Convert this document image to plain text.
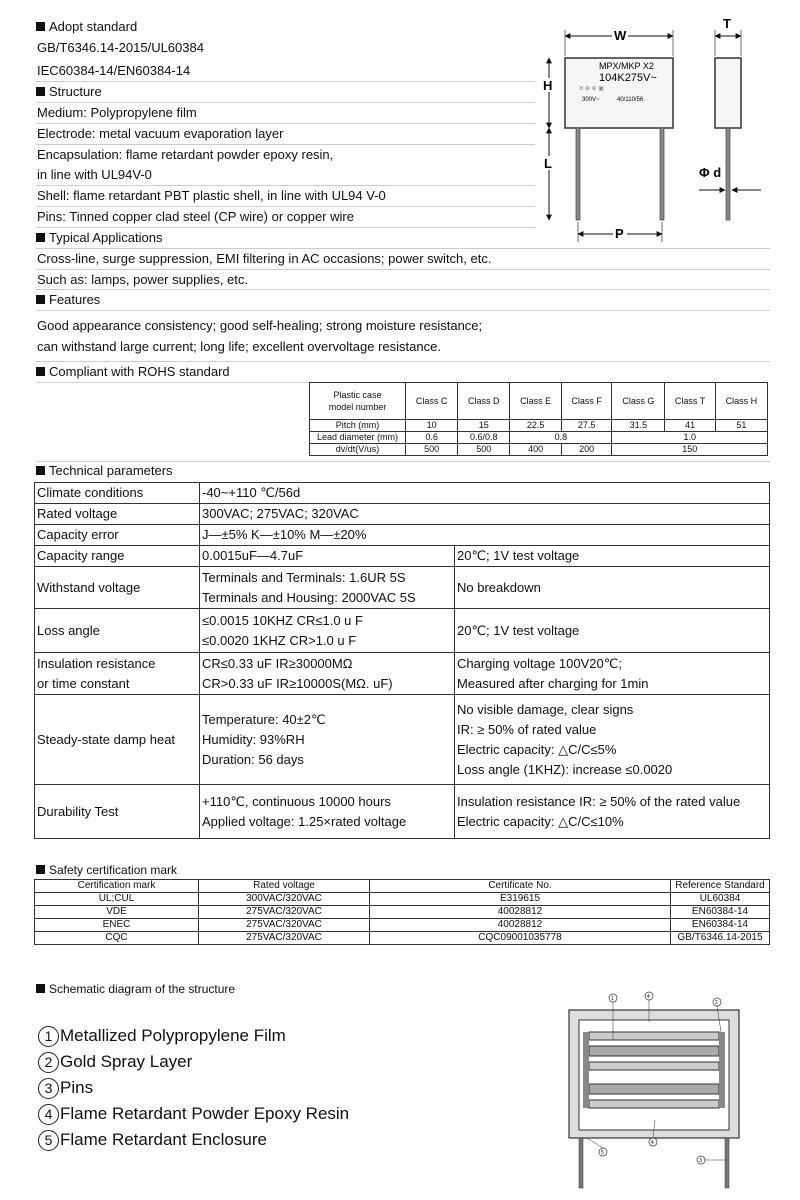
Adopt standard
GB/T6346.14-2015/UL60384
IEC60384-14/EN60384-14
Structure
Medium: Polypropylene film
Electrode: metal vacuum evaporation layer
Encapsulation: flame retardant powder epoxy resin,
in line with UL94V-0
Shell: flame retardant PBT plastic shell, in line with UL94 V-0
Pins: Tinned copper clad steel (CP wire) or copper wire
Typical Applications
Cross-line, surge suppression, EMI filtering in AC occasions; power switch, etc.
Such as: lamps, power supplies, etc.
Features
Good appearance consistency; good self-healing; strong moisture resistance;
can withstand large current; long life; excellent overvoltage resistance.
Compliant with ROHS standard
MPX/MKP X2
104K275V~
ꓤ ⊕ ⊕ ▣
300V~	40/110/56
W
T
H
L
P
Φ d
Plastic case
model number	Class C	Class D	Class E	Class F	Class G	Class T	Class H
Pitch (mm)	10	15	22.5	27.5	31.5	41	51
Lead diameter (mm)	0.6	0.6/0.8	0.8		1.0		
dv/dt(V/us)	500	500	400	200	150		
Technical parameters
Climate conditions	-40~+110 ℃/56d	
Rated voltage	300VAC; 275VAC; 320VAC	
Capacity error	J—±5% K—±10% M—±20%	
Capacity range	0.0015uF—4.7uF	20℃; 1V test voltage
Withstand voltage	Terminals and Terminals: 1.6UR 5S
Terminals and Housing: 2000VAC 5S	No breakdown
Loss angle	≤0.0015 10KHZ CR≤1.0 u F
≤0.0020 1KHZ CR>1.0 u F	20℃; 1V test voltage
Insulation resistance
or time constant	CR≤0.33 uF IR≥30000MΩ
CR>0.33 uF IR≥10000S(MΩ. uF)	Charging voltage 100V20℃;
Measured after charging for 1min
Steady-state damp heat	Temperature: 40±2℃
Humidity: 93%RH
Duration: 56 days	No visible damage, clear signs
IR: ≥ 50% of rated value
Electric capacity: △C/C≤5%
Loss angle (1KHZ): increase ≤0.0020
Durability Test	+110℃, continuous 10000 hours
Applied voltage: 1.25×rated voltage	Insulation resistance IR: ≥ 50% of the rated value
Electric capacity: △C/C≤10%
Safety certification mark
Certification mark	Rated voltage	Certificate No.	Reference Standard
UL;CUL	300VAC/320VAC	E319615	UL60384
VDE	275VAC/320VAC	40028812	EN60384-14
ENEC	275VAC/320VAC	40028812	EN60384-14
CQC	275VAC/320VAC	CQC09001035778	GB/T6346.14-2015
Schematic diagram of the structure
1 Metallized Polypropylene Film
2 Gold Spray Layer
3 Pins
4 Flame Retardant Powder Epoxy Resin
5 Flame Retardant Enclosure
1	4
2
4
5
3
